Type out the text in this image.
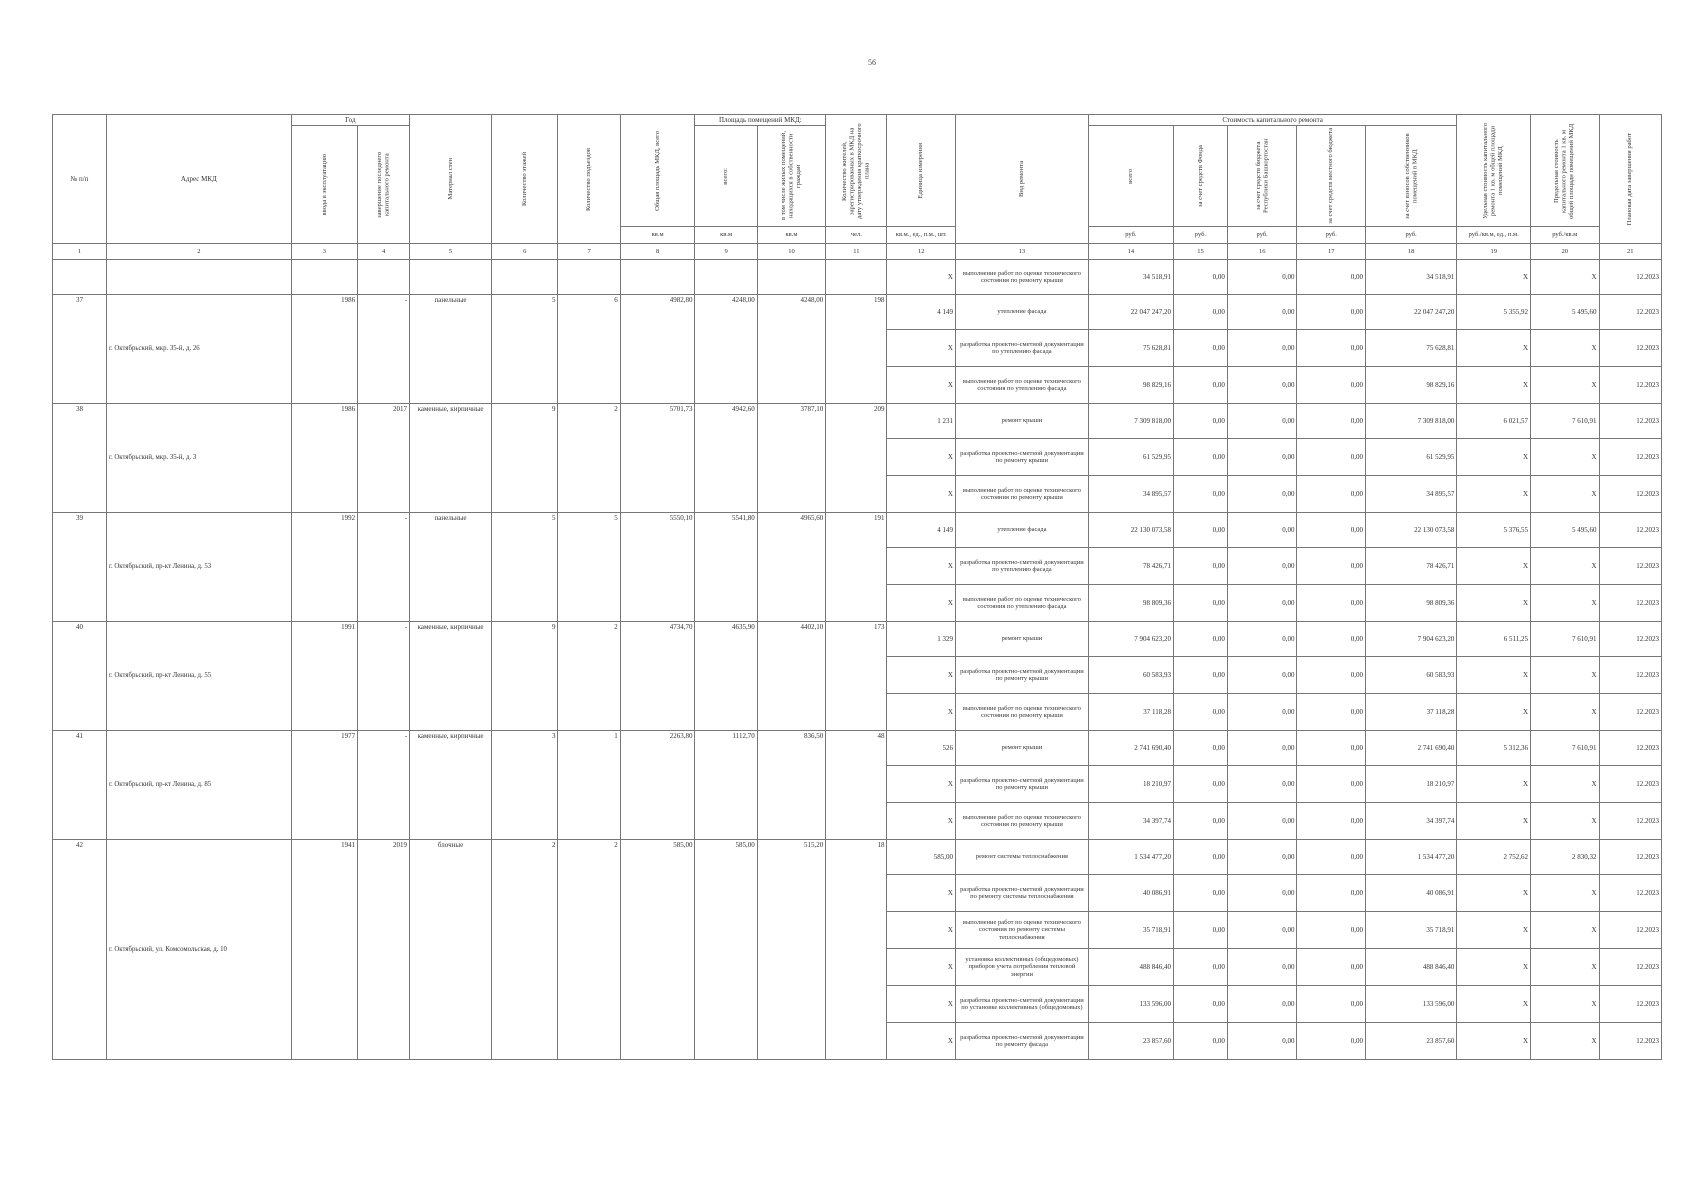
56
№ п/п	Адрес МКД	Год		Материал стен	Количество этажей	Количество подъездов	Общая площадь МКД, всего	Площадь помещений МКД:		Количество жителей, зарегистрированных в МКД на дату утверждения краткосрочного плана	Единица измерения	Вид ремонта	Стоимость капитального ремонта					Удельная стоимость капитального ремонта 1 кв. м общей площади помещений МКД	Предельная стоимость капитального ремонта 1 кв. м общей площади помещений МКД	Плановая дата завершения работ

		ввода в эксплуатацию	завершение последнего капитального ремонта					всего:	в том числе жилых помещений, находящихся в собственности граждан				всего	за счет средств Фонда	за счет средств бюджета Республики Башкортостан	за счет средств местного бюджета	за счет взносов собственников помещений в МКД			

							кв.м	кв.м	кв.м	чел.	кв.м., ед., п.м., шт.		руб.	руб.	руб.	руб.	руб.	руб./кв.м, ед., п.м.	руб./кв.м	
1	2	3	4	5	6	7	8	9	10	11	12	13	14	15	16	17	18	19	20	21
											X	выполнение работ по оценке технического состояния по ремонту крыши	34 518,91	0,00	0,00	0,00	34 518,91	X	X	12.2023
37	г. Октябрьский, мкр. 35-й, д. 26	1986	-	панельные	5	6	4982,80	4248,00	4248,00	198	4 149	утепление фасада	22 047 247,20	0,00	0,00	0,00	22 047 247,20	5 355,92	5 495,60	12.2023
											X	разработка проектно-сметной документации по утеплению фасада	75 628,81	0,00	0,00	0,00	75 628,81	X	X	12.2023
											X	выполнение работ по оценке технического состояния по утеплению фасада	98 829,16	0,00	0,00	0,00	98 829,16	X	X	12.2023
38	г. Октябрьский, мкр. 35-й, д. 3	1986	2017	каменные, кирпичные	9	2	5701,73	4942,60	3787,10	209	1 231	ремонт крыши	7 309 818,00	0,00	0,00	0,00	7 309 818,00	6 021,57	7 610,91	12.2023
											X	разработка проектно-сметной документации по ремонту крыши	61 529,95	0,00	0,00	0,00	61 529,95	X	X	12.2023
											X	выполнение работ по оценке технического состояния по ремонту крыши	34 895,57	0,00	0,00	0,00	34 895,57	X	X	12.2023
39	г. Октябрьский, пр-кт Ленина, д. 53	1992	-	панельные	5	5	5550,10	5541,80	4965,60	191	4 149	утепление фасада	22 130 073,58	0,00	0,00	0,00	22 130 073,58	5 376,55	5 495,60	12.2023
											X	разработка проектно-сметной документации по утеплению фасада	78 426,71	0,00	0,00	0,00	78 426,71	X	X	12.2023
											X	выполнение работ по оценке технического состояния по утеплению фасада	98 809,36	0,00	0,00	0,00	98 809,36	X	X	12.2023
40	г. Октябрьский, пр-кт Ленина, д. 55	1991	-	каменные, кирпичные	9	2	4734,70	4635,90	4402,10	173	1 329	ремонт крыши	7 904 623,20	0,00	0,00	0,00	7 904 623,20	6 511,25	7 610,91	12.2023
											X	разработка проектно-сметной документации по ремонту крыши	60 583,93	0,00	0,00	0,00	60 583,93	X	X	12.2023
											X	выполнение работ по оценке технического состояния по ремонту крыши	37 118,28	0,00	0,00	0,00	37 118,28	X	X	12.2023
41	г. Октябрьский, пр-кт Ленина, д. 85	1977	-	каменные, кирпичные	3	1	2263,80	1112,70	836,50	48	526	ремонт крыши	2 741 690,40	0,00	0,00	0,00	2 741 690,40	5 312,36	7 610,91	12.2023
											X	разработка проектно-сметной документации по ремонту крыши	18 210,97	0,00	0,00	0,00	18 210,97	X	X	12.2023
											X	выполнение работ по оценке технического состояния по ремонту крыши	34 397,74	0,00	0,00	0,00	34 397,74	X	X	12.2023
42	г. Октябрьский, ул. Комсомольская, д. 10	1941	2019	блочные	2	2	585,00	585,00	515,20	18	585,00	ремонт системы теплоснабжения	1 534 477,20	0,00	0,00	0,00	1 534 477,20	2 752,62	2 830,32	12.2023
											X	разработка проектно-сметной документации по ремонту системы теплоснабжения	40 086,91	0,00	0,00	0,00	40 086,91	X	X	12.2023
											X	выполнение работ по оценке технического состояния по ремонту системы теплоснабжения	35 718,91	0,00	0,00	0,00	35 718,91	X	X	12.2023
											X	установка коллективных (общедомовых) приборов учета потребления тепловой энергии	488 846,40	0,00	0,00	0,00	488 846,40	X	X	12.2023
											X	разработка проектно-сметной документации по установке коллективных (общедомовых)	133 596,00	0,00	0,00	0,00	133 596,00	X	X	12.2023
											X	разработка проектно-сметной документации по ремонту фасада	23 857,60	0,00	0,00	0,00	23 857,60	X	X	12.2023
